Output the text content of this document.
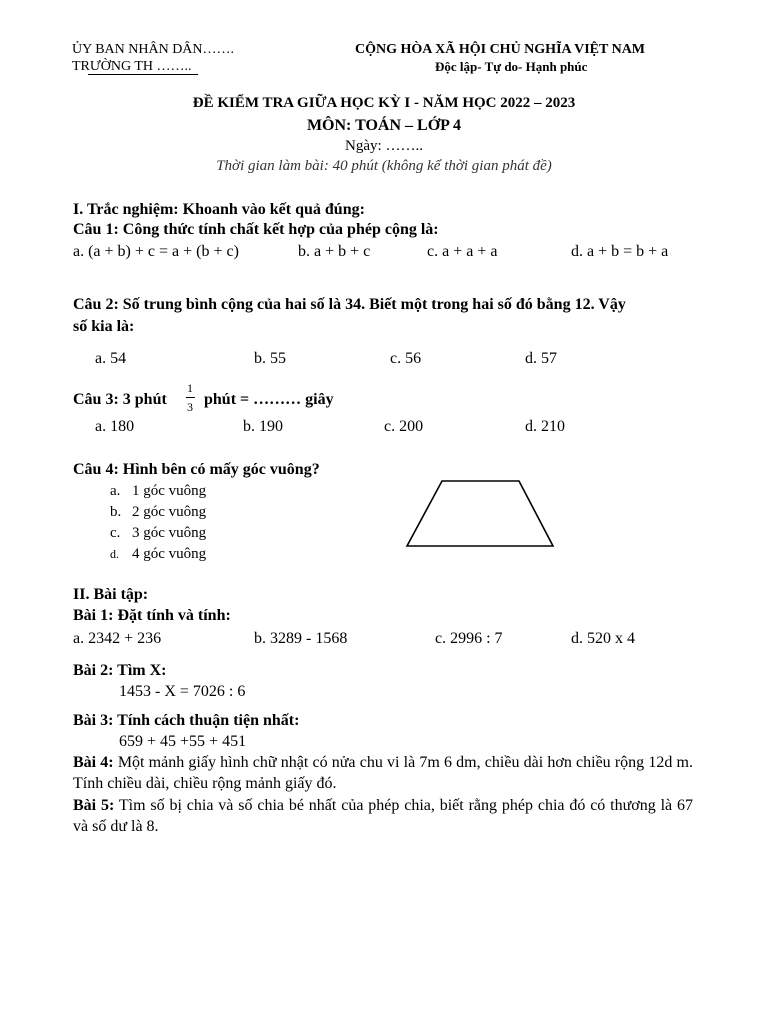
ỦY BAN NHÂN DÂN…….
TRƯỜNG TH ……..
CỘNG HÒA XÃ HỘI CHỦ NGHĨA VIỆT NAM
Độc lập- Tự do- Hạnh phúc
ĐỀ KIỂM TRA GIỮA HỌC KỲ I - NĂM HỌC 2022 – 2023
MÔN: TOÁN – LỚP 4
Ngày: ……..
Thời gian làm bài: 40 phút (không kể thời gian phát đề)
I. Trắc nghiệm: Khoanh vào kết quả đúng:
Câu 1: Công thức tính chất kết hợp của phép cộng là:
a. (a + b) + c = a + (b + c)	b. a + b + c	c. a + a + a	d. a + b = b + a
Câu 2: Số trung bình cộng của hai số là 34. Biết một trong hai số đó bằng 12. Vậy
số kia là:
a. 54	b. 55	c. 56	d. 57
Câu 3: 3 phút
1
3 phút = ……… giây
a. 180	b. 190	c. 200	d. 210
Câu 4: Hình bên có mấy góc vuông?
a. 1 góc vuông
b. 2 góc vuông
c. 3 góc vuông
d. 4 góc vuông
II. Bài tập:
Bài 1: Đặt tính và tính:
a. 2342 + 236	b. 3289 - 1568	c. 2996 : 7	d. 520 x 4
Bài 2: Tìm X:
1453 - X = 7026 : 6
Bài 3: Tính cách thuận tiện nhất:
659 + 45 +55 + 451
Bài 4: Một mảnh giấy hình chữ nhật có nửa chu vi là 7m 6 dm, chiều dài hơn chiều rộng 12d m. Tính chiều dài, chiều rộng mảnh giấy đó.
Bài 5: Tìm số bị chia và số chia bé nhất của phép chia, biết rằng phép chia đó có thương là 67 và số dư là 8.
